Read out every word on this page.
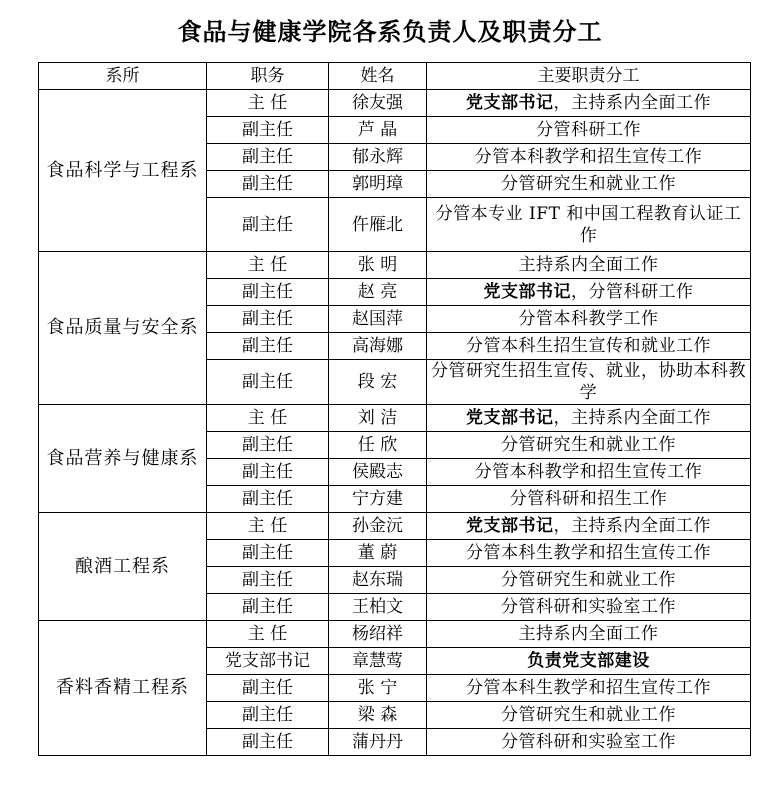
食品与健康学院各系负责人及职责分工
系所	职务	姓名	主要职责分工
食品科学与工程系	主 任	徐友强	党支部书记，主持系内全面工作
	副主任	芦 晶	分管科研工作
	副主任	郁永辉	分管本科教学和招生宣传工作
	副主任	郭明璋	分管研究生和就业工作
	副主任	仵雁北	分管本专业 IFT 和中国工程教育认证工作
食品质量与安全系	主 任	张 明	主持系内全面工作
	副主任	赵 亮	党支部书记，分管科研工作
	副主任	赵国萍	分管本科教学工作
	副主任	高海娜	分管本科生招生宣传和就业工作
	副主任	段 宏	分管研究生招生宣传、就业，协助本科教学
食品营养与健康系	主 任	刘 洁	党支部书记，主持系内全面工作
	副主任	任 欣	分管研究生和就业工作
	副主任	侯殿志	分管本科教学和招生宣传工作
	副主任	宁方建	分管科研和招生工作
酿酒工程系	主 任	孙金沅	党支部书记，主持系内全面工作
	副主任	董 蔚	分管本科生教学和招生宣传工作
	副主任	赵东瑞	分管研究生和就业工作
	副主任	王柏文	分管科研和实验室工作
香料香精工程系	主 任	杨绍祥	主持系内全面工作
	党支部书记	章慧莺	负责党支部建设
	副主任	张 宁	分管本科生教学和招生宣传工作
	副主任	梁 森	分管研究生和就业工作
	副主任	蒲丹丹	分管科研和实验室工作
